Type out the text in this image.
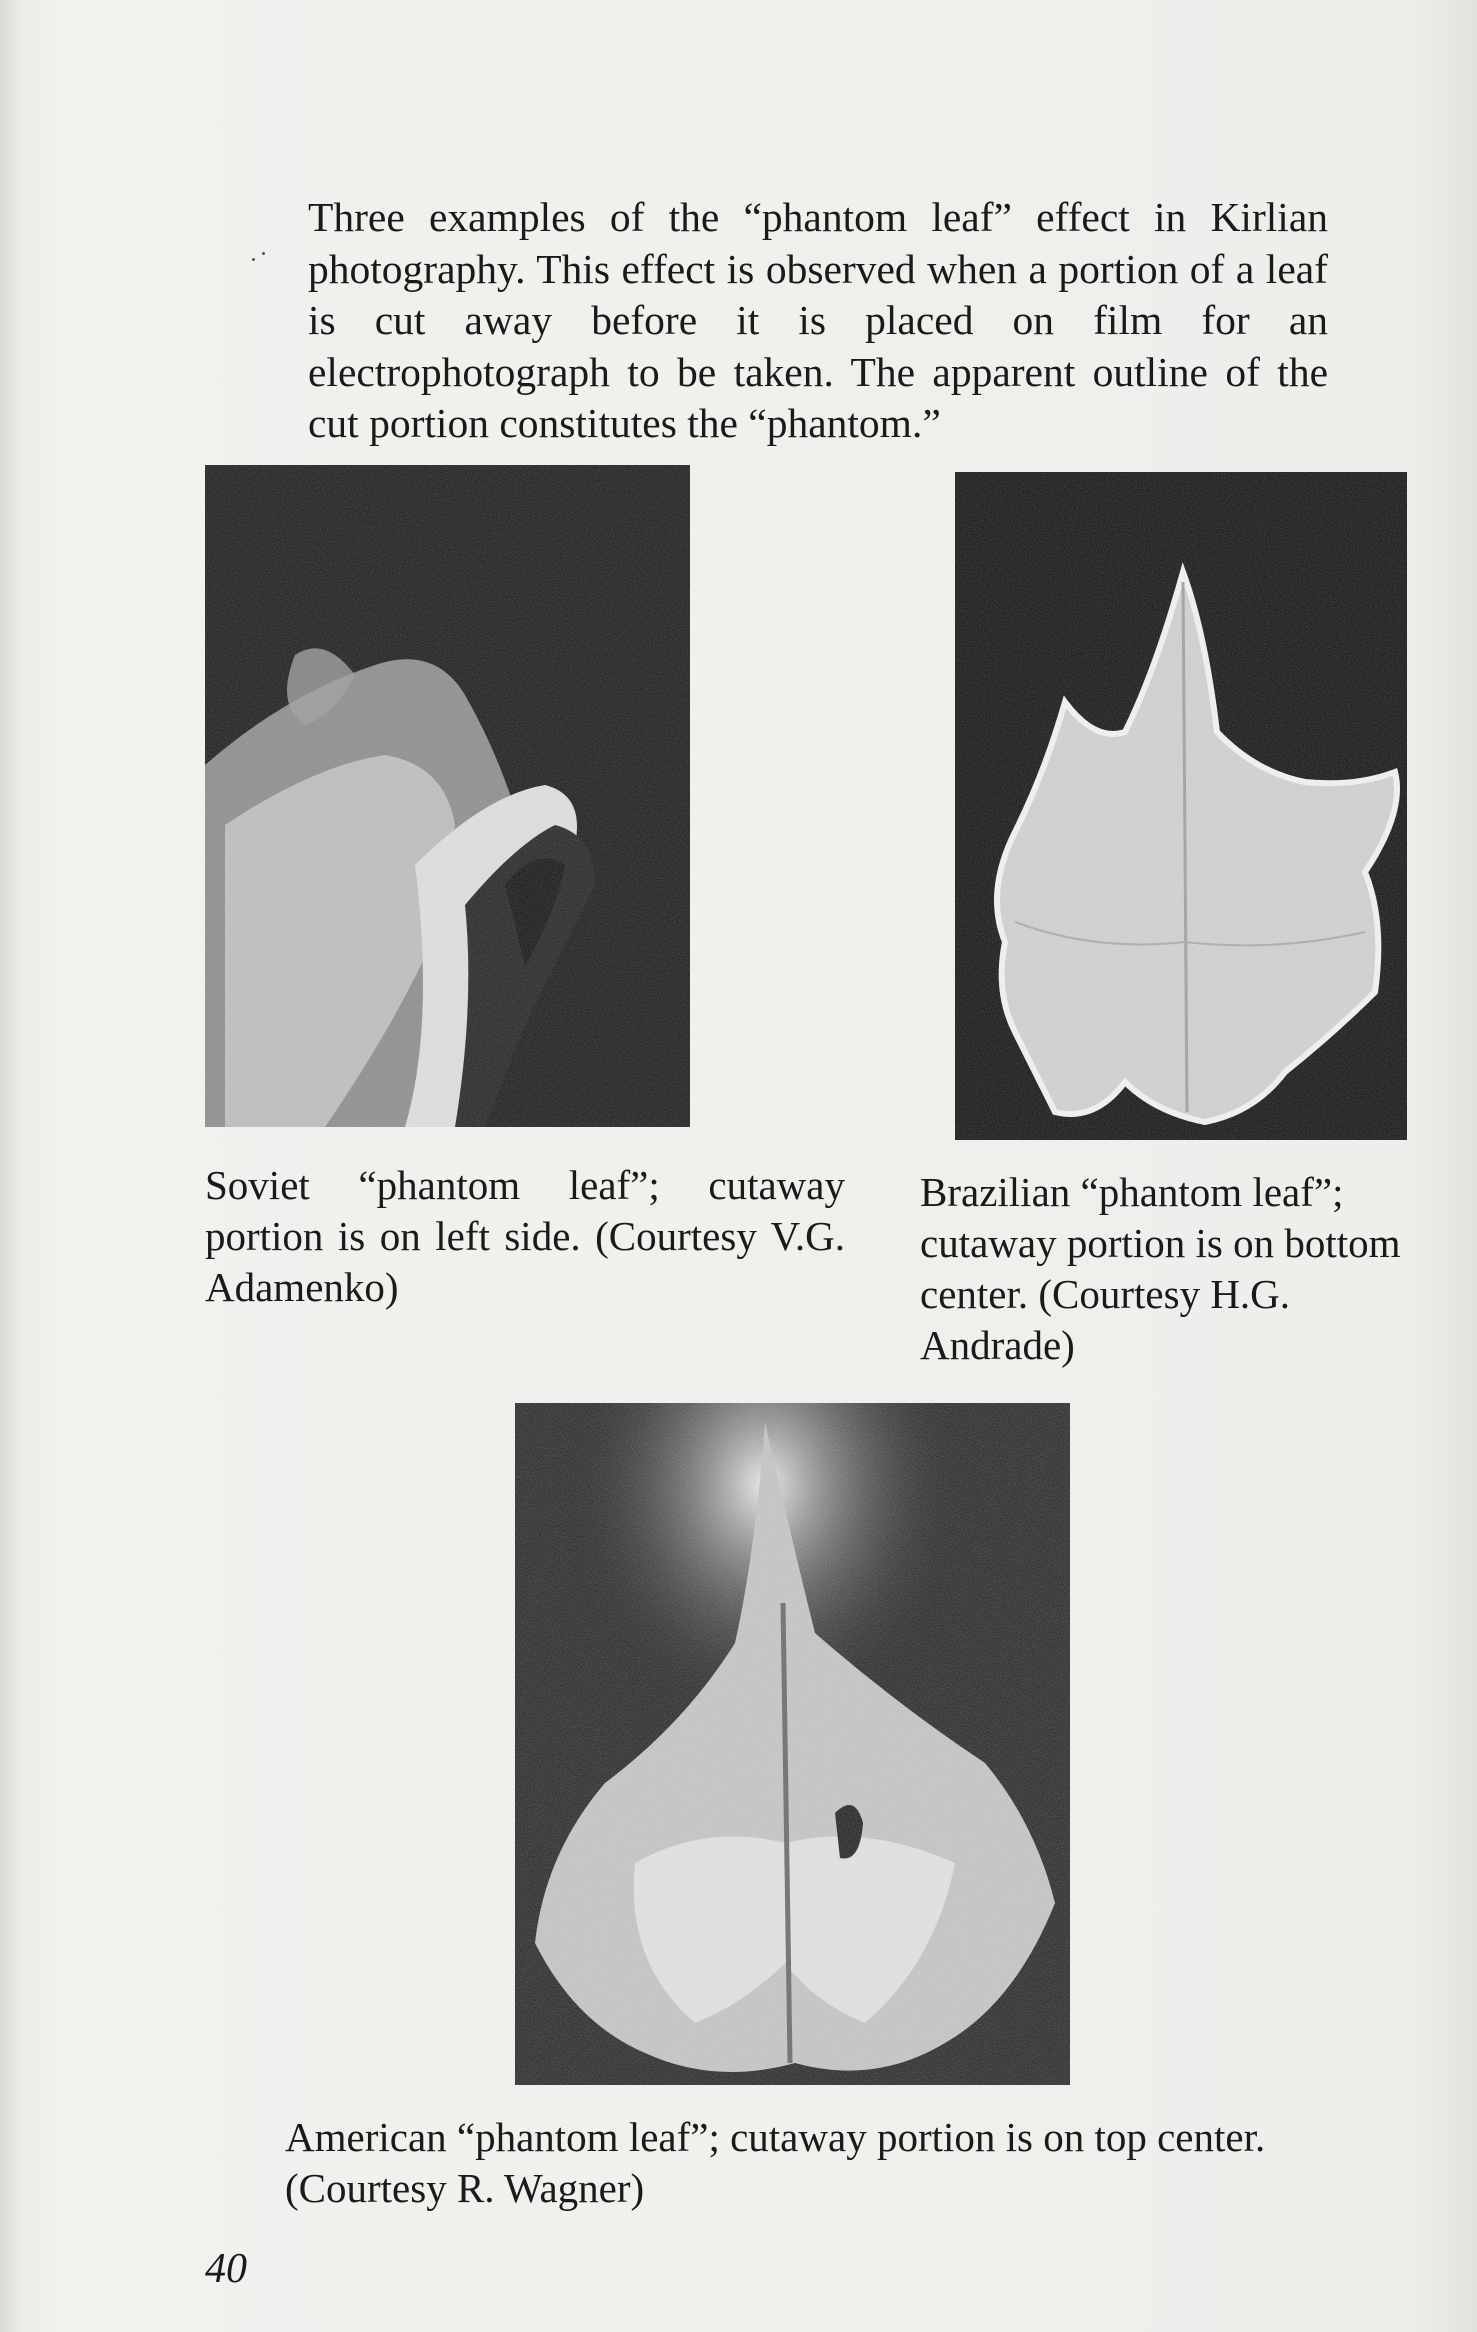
Three examples of the “phantom leaf” effect in Kirlian photography. This effect is observed when a portion of a leaf is cut away before it is placed on film for an electrophotograph to be taken. The apparent outline of the cut portion constitutes the “phantom.”

Soviet “phantom leaf”; cutaway portion is on left side. (Courtesy V.G. Adamenko)

Brazilian “phantom leaf”; cutaway portion is on bottom center. (Courtesy H.G. Andrade)

American “phantom leaf”; cutaway portion is on top center. (Courtesy R. Wagner)

40
